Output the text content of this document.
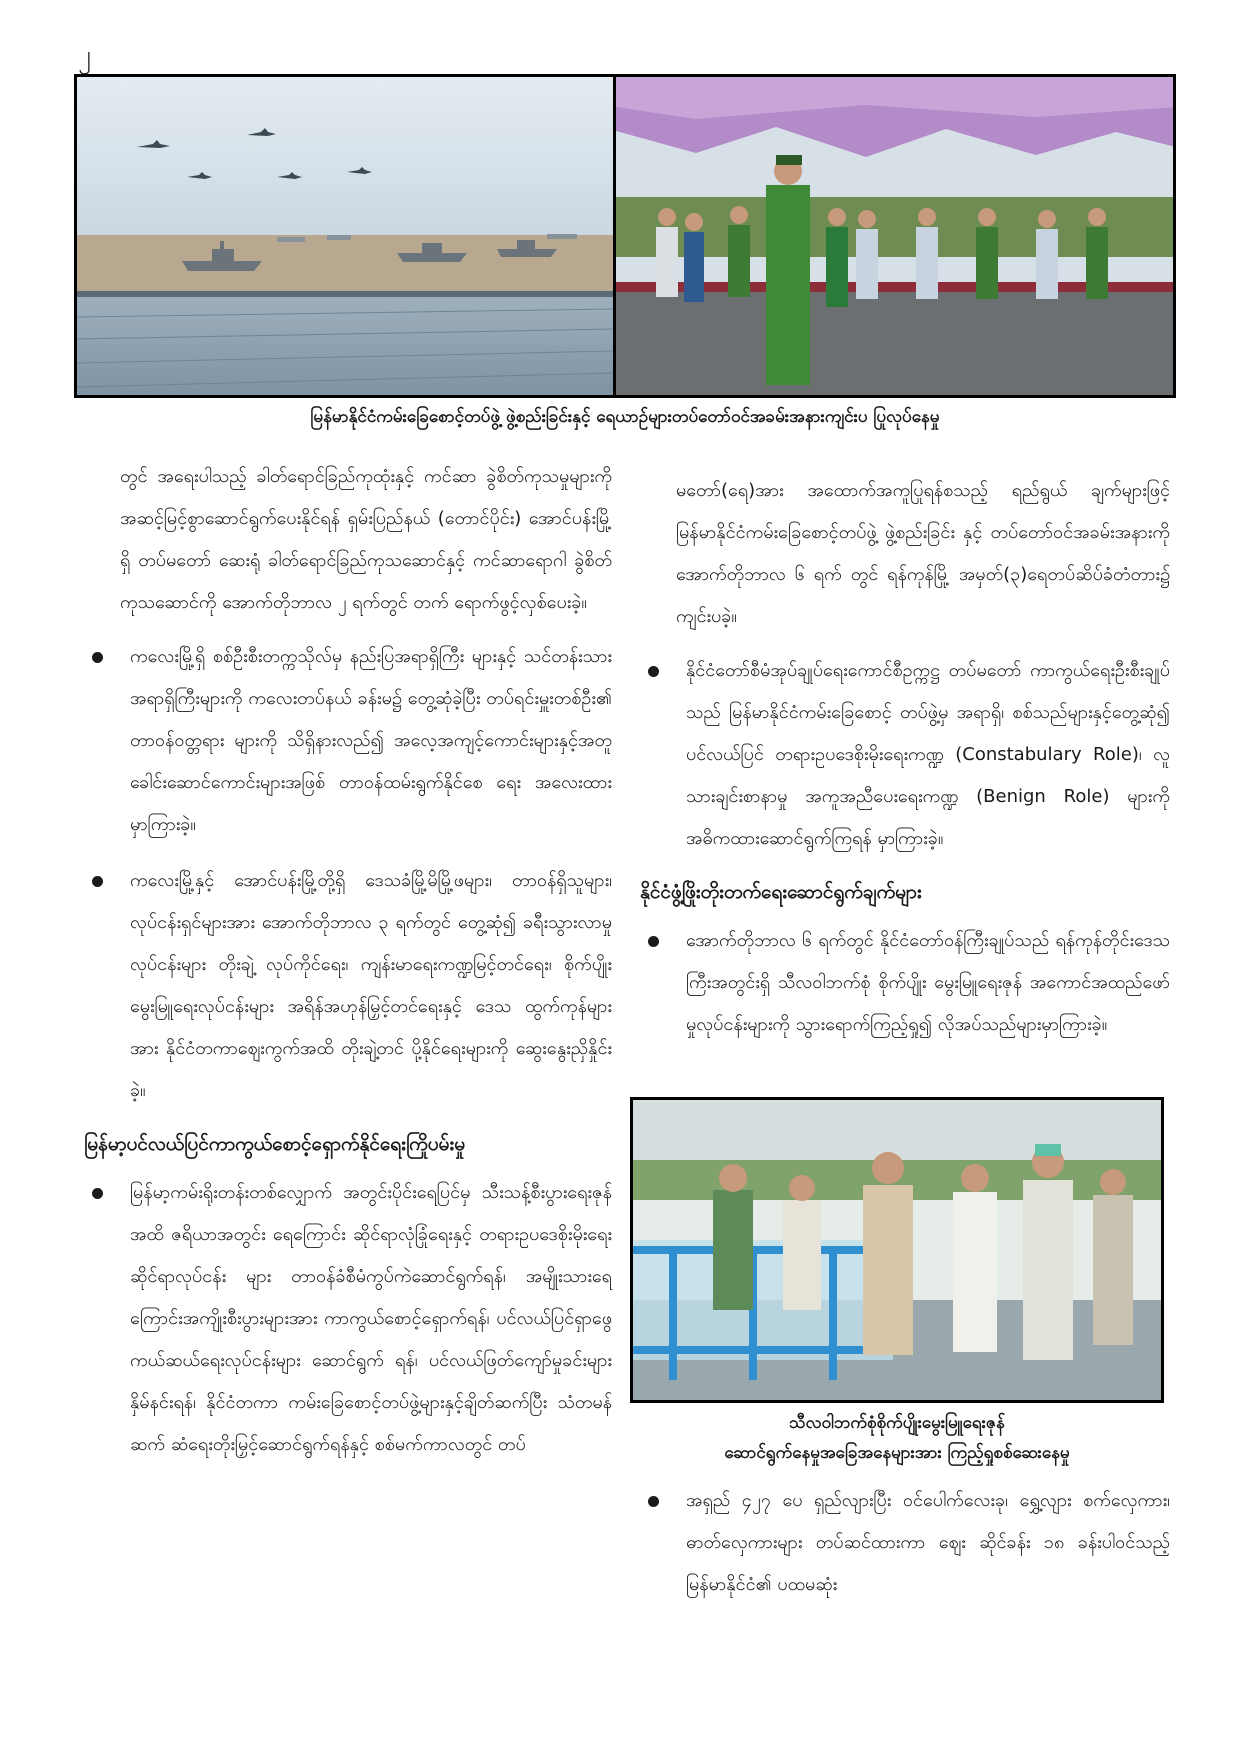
၂
မြန်မာနိုင်ငံကမ်းခြေစောင့်တပ်ဖွဲ့ ဖွဲ့စည်းခြင်းနှင့် ရေယာဉ်များတပ်တော်ဝင်အခမ်းအနားကျင်းပ ပြုလုပ်နေမှု

တွင် အရေးပါသည့် ခါတ်ရောင်ခြည်ကုထုံးနှင့် ကင်ဆာ ခွဲစိတ်ကုသမှုများကို အဆင့်မြင့်စွာဆောင်ရွက်ပေးနိုင်ရန် ရှမ်းပြည်နယ် (တောင်ပိုင်း) အောင်ပန်းမြို့ရှိ တပ်မတော် ဆေးရုံ ခါတ်ရောင်ခြည်ကုသဆောင်နှင့် ကင်ဆာရောဂါ ခွဲစိတ်ကုသဆောင်ကို အောက်တိုဘာလ ၂ ရက်တွင် တက် ရောက်ဖွင့်လှစ်ပေးခဲ့။

ကလေးမြို့ရှိ စစ်ဦးစီးတက္ကသိုလ်မှ နည်းပြအရာရှိကြီး များနှင့် သင်တန်းသားအရာရှိကြီးများကို ကလေးတပ်နယ် ခန်းမ၌ တွေ့ဆုံခဲ့ပြီး တပ်ရင်းမှူးတစ်ဦး၏ တာဝန်ဝတ္တရား များကို သိရှိနားလည်၍ အလေ့အကျင့်ကောင်းများနှင့်အတူ ခေါင်းဆောင်ကောင်းများအဖြစ် တာဝန်ထမ်းရွက်နိုင်စေ ရေး အလေးထားမှာကြားခဲ့။
ကလေးမြို့နှင့် အောင်ပန်းမြို့တို့ရှိ ဒေသခံမြို့မိမြို့ဖများ၊ တာဝန်ရှိသူများ၊ လုပ်ငန်းရှင်များအား အောက်တိုဘာလ ၃ ရက်တွင် တွေ့ဆုံ၍ ခရီးသွားလာမှုလုပ်ငန်းများ တိုးချဲ့ လုပ်ကိုင်ရေး၊ ကျန်းမာရေးကဏ္ဍမြင့်တင်ရေး၊ စိုက်ပျိုး မွေးမြူရေးလုပ်ငန်းများ အရိန်အဟုန်မြှင့်တင်ရေးနှင့် ဒေသ ထွက်ကုန်များအား နိုင်ငံတကာဈေးကွက်အထိ တိုးချဲ့တင် ပို့နိုင်ရေးများကို ဆွေးနွေးညှိနှိုင်းခဲ့။
မြန်မာ့ပင်လယ်ပြင်ကာကွယ်စောင့်ရှောက်နိုင်ရေးကြိုပမ်းမှု
မြန်မာ့ကမ်းရိုးတန်းတစ်လျှောက် အတွင်းပိုင်းရေပြင်မှ သီးသန့်စီးပွားရေးဇုန်အထိ ဇရိယာအတွင်း ရေကြောင်း ဆိုင်ရာလုံခြုံရေးနှင့် တရားဥပဒေစိုးမိုးရေးဆိုင်ရာလုပ်ငန်း များ တာဝန်ခံစီမံကွပ်ကဲဆောင်ရွက်ရန်၊ အမျိုးသားရေ ကြောင်းအကျိုးစီးပွားများအား ကာကွယ်စောင့်ရှောက်ရန်၊ ပင်လယ်ပြင်ရှာဖွေကယ်ဆယ်ရေးလုပ်ငန်းများ ဆောင်ရွက် ရန်၊ ပင်လယ်ဖြတ်ကျော်မှုခင်းများနှိမ်နင်းရန်၊ နိုင်ငံတကာ ကမ်းခြေစောင့်တပ်ဖွဲ့များနှင့်ချိတ်ဆက်ပြီး သံတမန်ဆက် ဆံရေးတိုးမြှင့်ဆောင်ရွက်ရန်နှင့် စစ်မက်ကာလတွင် တပ်

မတော်(ရေ)အား အထောက်အကူပြုရန်စသည့် ရည်ရွယ် ချက်များဖြင့် မြန်မာနိုင်ငံကမ်းခြေစောင့်တပ်ဖွဲ့ ဖွဲ့စည်းခြင်း နှင့် တပ်တော်ဝင်အခမ်းအနားကို အောက်တိုဘာလ ၆ ရက် တွင် ရန်ကုန်မြို့ အမှတ်(၃)ရေတပ်ဆိပ်ခံတံတား၌ ကျင်းပခဲ့။

နိုင်ငံတော်စီမံအုပ်ချုပ်ရေးကောင်စီဥက္ကဋ္ဌ တပ်မတော် ကာကွယ်ရေးဦးစီးချုပ်သည် မြန်မာနိုင်ငံကမ်းခြေစောင့် တပ်ဖွဲ့မှ အရာရှိ၊ စစ်သည်များနှင့်တွေ့ဆုံ၍ ပင်လယ်ပြင် တရားဥပဒေစိုးမိုးရေးကဏ္ဍ (Constabulary Role)၊ လူ သားချင်းစာနာမှု အကူအညီပေးရေးကဏ္ဍ (Benign Role) များကို အဓိကထားဆောင်ရွက်ကြရန် မှာကြားခဲ့။
နိုင်ငံဖွံ့ဖြိုးတိုးတက်ရေးဆောင်ရွက်ချက်များ
အောက်တိုဘာလ ၆ ရက်တွင် နိုင်ငံတော်ဝန်ကြီးချုပ်သည် ရန်ကုန်တိုင်းဒေသကြီးအတွင်းရှိ သီလဝါဘက်စုံ စိုက်ပျိုး မွေးမြူရေးဇုန် အကောင်အထည်ဖော်မှုလုပ်ငန်းများကို သွားရောက်ကြည့်ရှု၍ လိုအပ်သည်များမှာကြားခဲ့။
သီလဝါဘက်စုံစိုက်ပျိုးမွေးမြူရေးဇုန်
ဆောင်ရွက်နေမှုအခြေအနေများအား ကြည့်ရှုစစ်ဆေးနေမှု
အရှည် ၄၂၇ ပေ ရှည်လျားပြီး ဝင်ပေါက်လေးခု၊ ရွှေ့လျား စက်လှေကား၊ ဓာတ်လှေကားများ တပ်ဆင်ထားကာ ဈေး ဆိုင်ခန်း ၁၈ ခန်းပါဝင်သည့် မြန်မာနိုင်ငံ၏ ပထမဆုံး
